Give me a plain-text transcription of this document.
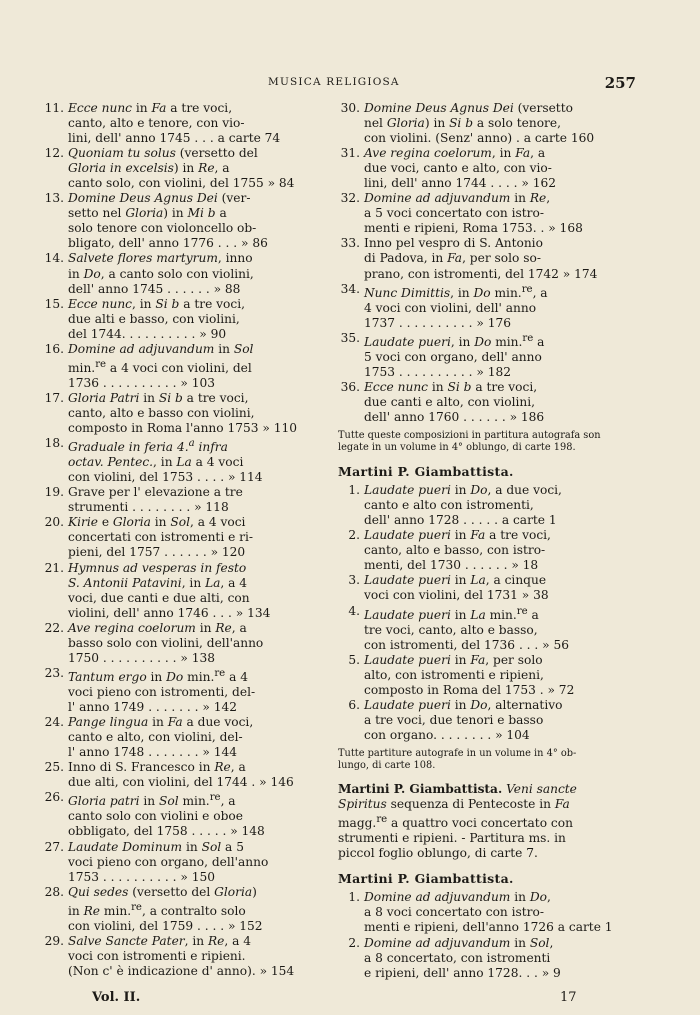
MUSICA RELIGIOSA	257
11. Ecce nunc in Fa a tre voci,
canto, alto e tenore, con vio-
lini, dell' anno 1745 . . . a carte 74
12. Quoniam tu solus (versetto del
Gloria in excelsis) in Re, a
canto solo, con violini, del 1755 » 84
13. Domine Deus Agnus Dei (ver-
setto nel Gloria) in Mi b a
solo tenore con violoncello ob-
bligato, dell' anno 1776 . . . » 86
14. Salvete flores martyrum, inno
in Do, a canto solo con violini,
dell' anno 1745 . . . . . . » 88
15. Ecce nunc, in Si b a tre voci,
due alti e basso, con violini,
del 1744. . . . . . . . . . » 90
16. Domine ad adjuvandum in Sol
min.$^{re}$ a 4 voci con violini, del
1736 . . . . . . . . . . » 103
17. Gloria Patri in Si b a tre voci,
canto, alto e basso con violini,
composto in Roma l'anno 1753 » 110
18. Graduale in feria 4.$^a$ infra
octav. Pentec., in La a 4 voci
con violini, del 1753 . . . . » 114
19. Grave per l' elevazione a tre
strumenti . . . . . . . . » 118
20. Kirie e Gloria in Sol, a 4 voci
concertati con istromenti e ri-
pieni, del 1757 . . . . . . » 120
21. Hymnus ad vesperas in festo
S. Antonii Patavini, in La, a 4
voci, due canti e due alti, con
violini, dell' anno 1746 . . . » 134
22. Ave regina coelorum in Re, a
basso solo con violini, dell'anno
1750 . . . . . . . . . . » 138
23. Tantum ergo in Do min.$^{re}$ a 4
voci pieno con istromenti, del-
l' anno 1749 . . . . . . . » 142
24. Pange lingua in Fa a due voci,
canto e alto, con violini, del-
l' anno 1748 . . . . . . . » 144
25. Inno di S. Francesco in Re, a
due alti, con violini, del 1744 . » 146
26. Gloria patri in Sol min.$^{re}$, a
canto solo con violini e oboe
obbligato, del 1758 . . . . . » 148
27. Laudate Dominum in Sol a 5
voci pieno con organo, dell'anno
1753 . . . . . . . . . . » 150
28. Qui sedes (versetto del Gloria)
in Re min.$^{re}$, a contralto solo
con violini, del 1759 . . . . » 152
29. Salve Sancte Pater, in Re, a 4
voci con istromenti e ripieni.
(Non c' è indicazione d' anno). » 154
30. Domine Deus Agnus Dei (versetto
nel Gloria) in Si b a solo tenore,
con violini. (Senz' anno) . a carte 160
31. Ave regina coelorum, in Fa, a
due voci, canto e alto, con vio-
lini, dell' anno 1744 . . . . » 162
32. Domine ad adjuvandum in Re,
a 5 voci concertato con istro-
menti e ripieni, Roma 1753. . » 168
33. Inno pel vespro di S. Antonio
di Padova, in Fa, per solo so-
prano, con istromenti, del 1742 » 174
34. Nunc Dimittis, in Do min.$^{re}$, a
4 voci con violini, dell' anno
1737 . . . . . . . . . . » 176
35. Laudate pueri, in Do min.$^{re}$ a
5 voci con organo, dell' anno
1753 . . . . . . . . . . » 182
36. Ecce nunc in Si b a tre voci,
due canti e alto, con violini,
dell' anno 1760 . . . . . . » 186
Tutte queste composizioni in partitura autografa son
legate in un volume in 4° oblungo, di carte 198.
Martini P. Giambattista.
1. Laudate pueri in Do, a due voci,
canto e alto con istromenti,
dell' anno 1728 . . . . . a carte 1
2. Laudate pueri in Fa a tre voci,
canto, alto e basso, con istro-
menti, del 1730 . . . . . . » 18
3. Laudate pueri in La, a cinque
voci con violini, del 1731 » 38
4. Laudate pueri in La min.$^{re}$ a
tre voci, canto, alto e basso,
con istromenti, del 1736 . . . » 56
5. Laudate pueri in Fa, per solo
alto, con istromenti e ripieni,
composto in Roma del 1753 . » 72
6. Laudate pueri in Do, alternativo
a tre voci, due tenori e basso
con organo. . . . . . . . » 104
Tutte partiture autografe in un volume in 4° ob-
lungo, di carte 108.
Martini P. Giambattista. Veni sancte
Spiritus sequenza di Pentecoste in Fa
magg.$^{re}$ a quattro voci concertato con
strumenti e ripieni. - Partitura ms. in
piccol foglio oblungo, di carte 7.
Martini P. Giambattista.
1. Domine ad adjuvandum in Do,
a 8 voci concertato con istro-
menti e ripieni, dell'anno 1726 a carte 1
2. Domine ad adjuvandum in Sol,
a 8 concertato, con istromenti
e ripieni, dell' anno 1728. . . » 9
Vol. II.	17
